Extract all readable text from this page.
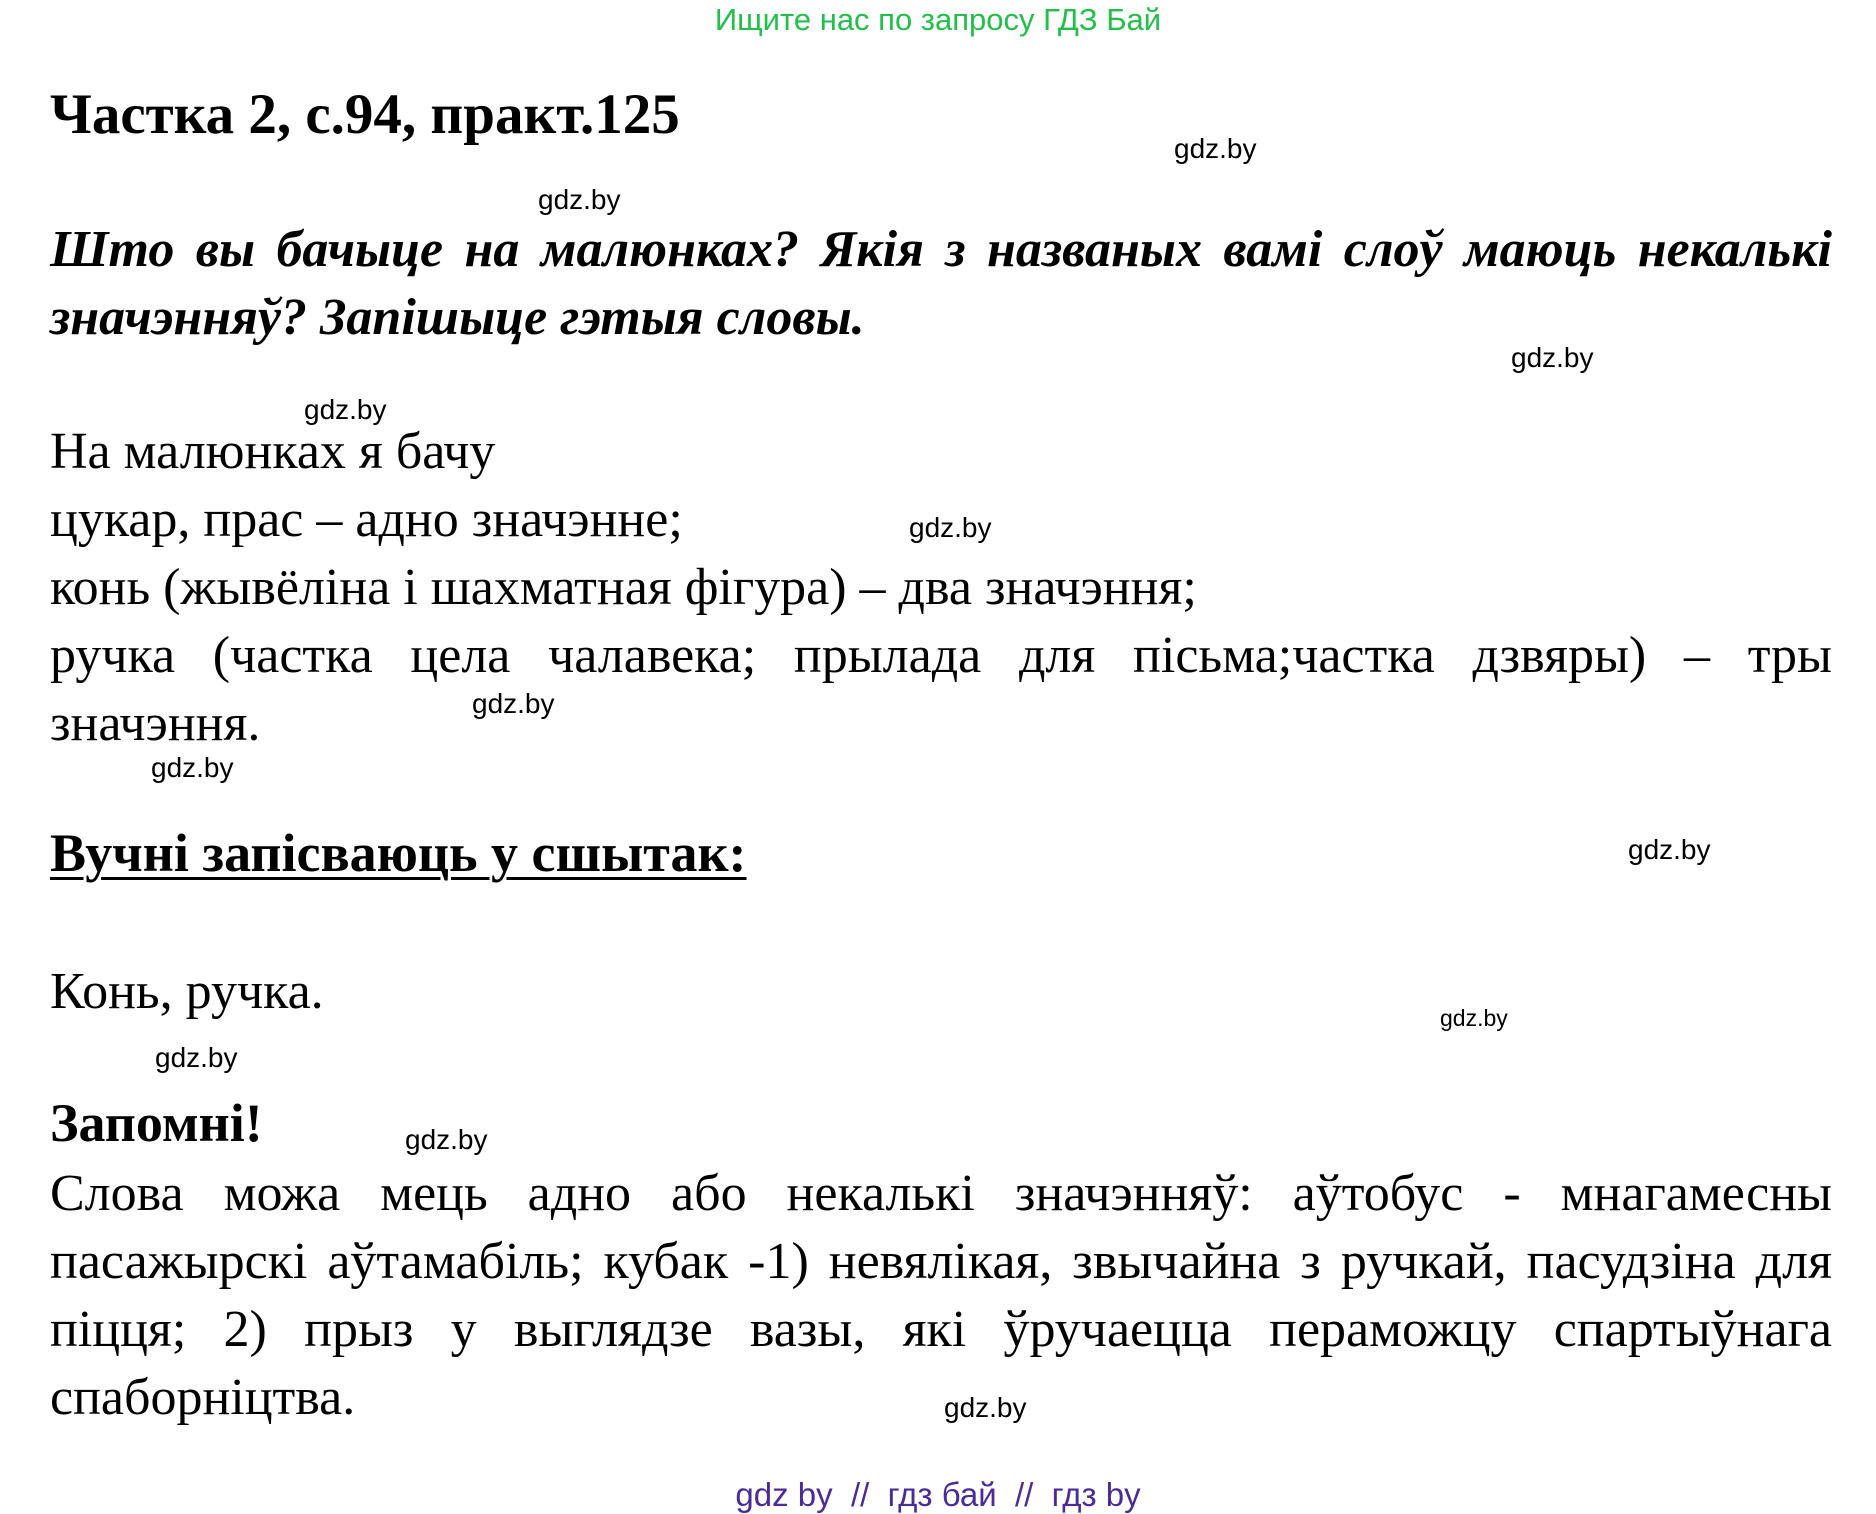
Ищите нас по запросу ГДЗ Бай
Частка 2, с.94, практ.125
Што вы бачыце на малюнках? Якія з названых вамі слоў маюць некалькі значэнняў? Запішыце гэтыя словы.
На малюнках я бачу
цукар, прас – адно значэнне;
конь (жывёліна і шахматная фігура) – два значэння;
ручка (частка цела чалавека; прылада для пісьма;частка дзвяры) – тры значэння.
Вучні запісваюць у сшытак:
Конь, ручка.
Запомні!
Слова можа мець адно або некалькі значэнняў: аўтобус - мнагамесны пасажырскі аўтамабіль; кубак -1) невялікая, звычайна з ручкай, пасудзіна для піцця; 2) прыз у выглядзе вазы, які ўручаецца пераможцу спартыўнага спаборніцтва.
gdz.by
gdz.by
gdz.by
gdz.by
gdz.by
gdz.by
gdz.by
gdz.by
gdz.by
gdz.by
gdz.by
gdz.by
gdz by  //  гдз бай  //  гдз by
